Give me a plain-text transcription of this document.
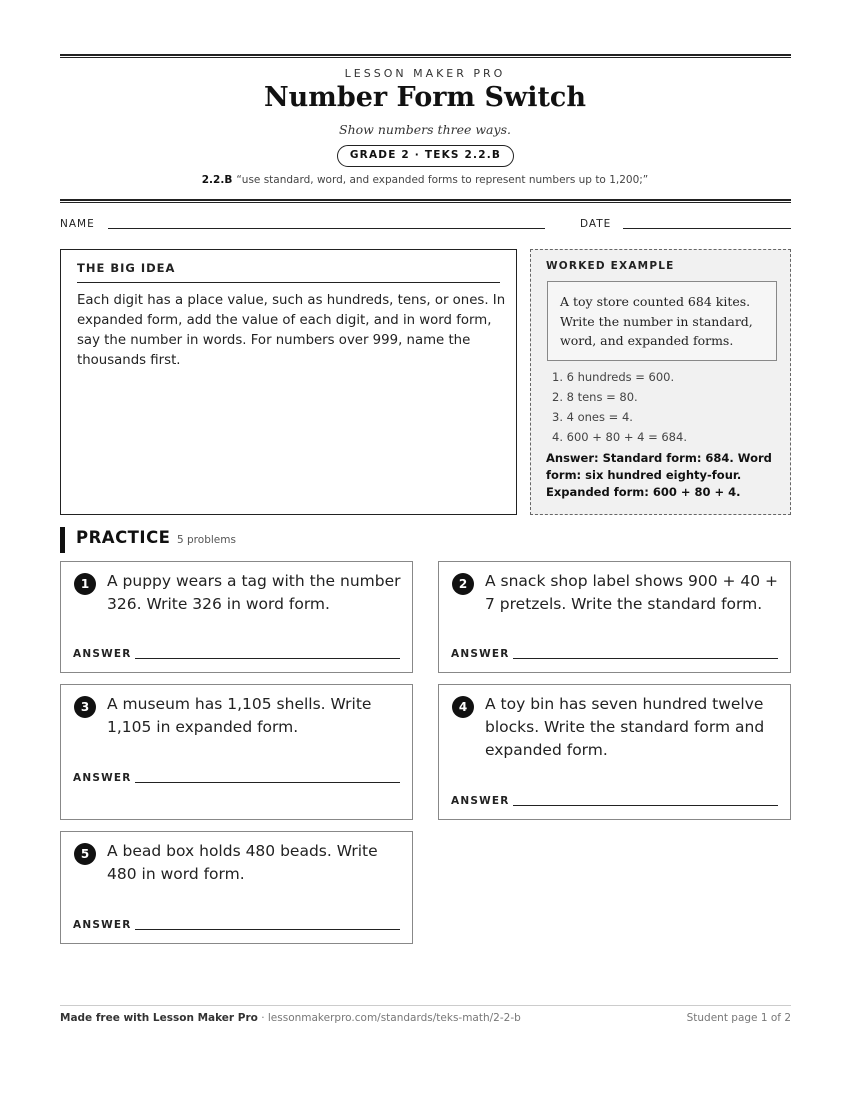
LESSON MAKER PRO
Number Form Switch
Show numbers three ways.
GRADE 2 · TEKS 2.2.B
2.2.B “use standard, word, and expanded forms to represent numbers up to 1,200;”
NAME	DATE
THE BIG IDEA
Each digit has a place value, such as hundreds, tens, or ones. In expanded form, add the value of each digit, and in word form, say the number in words. For numbers over 999, name the thousands first.
WORKED EXAMPLE
A toy store counted 684 kites. Write the number in standard, word, and expanded forms.
1. 6 hundreds = 600.
2. 8 tens = 80.
3. 4 ones = 4.
4. 600 + 80 + 4 = 684.
Answer: Standard form: 684. Word form: six hundred eighty-four. Expanded form: 600 + 80 + 4.
PRACTICE 5 problems
1	A puppy wears a tag with the number 326. Write 326 in word form.
ANSWER
2	A snack shop label shows 900 + 40 + 7 pretzels. Write the standard form.
ANSWER
3	A museum has 1,105 shells. Write 1,105 in expanded form.
ANSWER
4	A toy bin has seven hundred twelve blocks. Write the standard form and expanded form.
ANSWER
5	A bead box holds 480 beads. Write 480 in word form.
ANSWER
Made free with Lesson Maker Pro · lessonmakerpro.com/standards/teks-math/2-2-b	Student page 1 of 2
